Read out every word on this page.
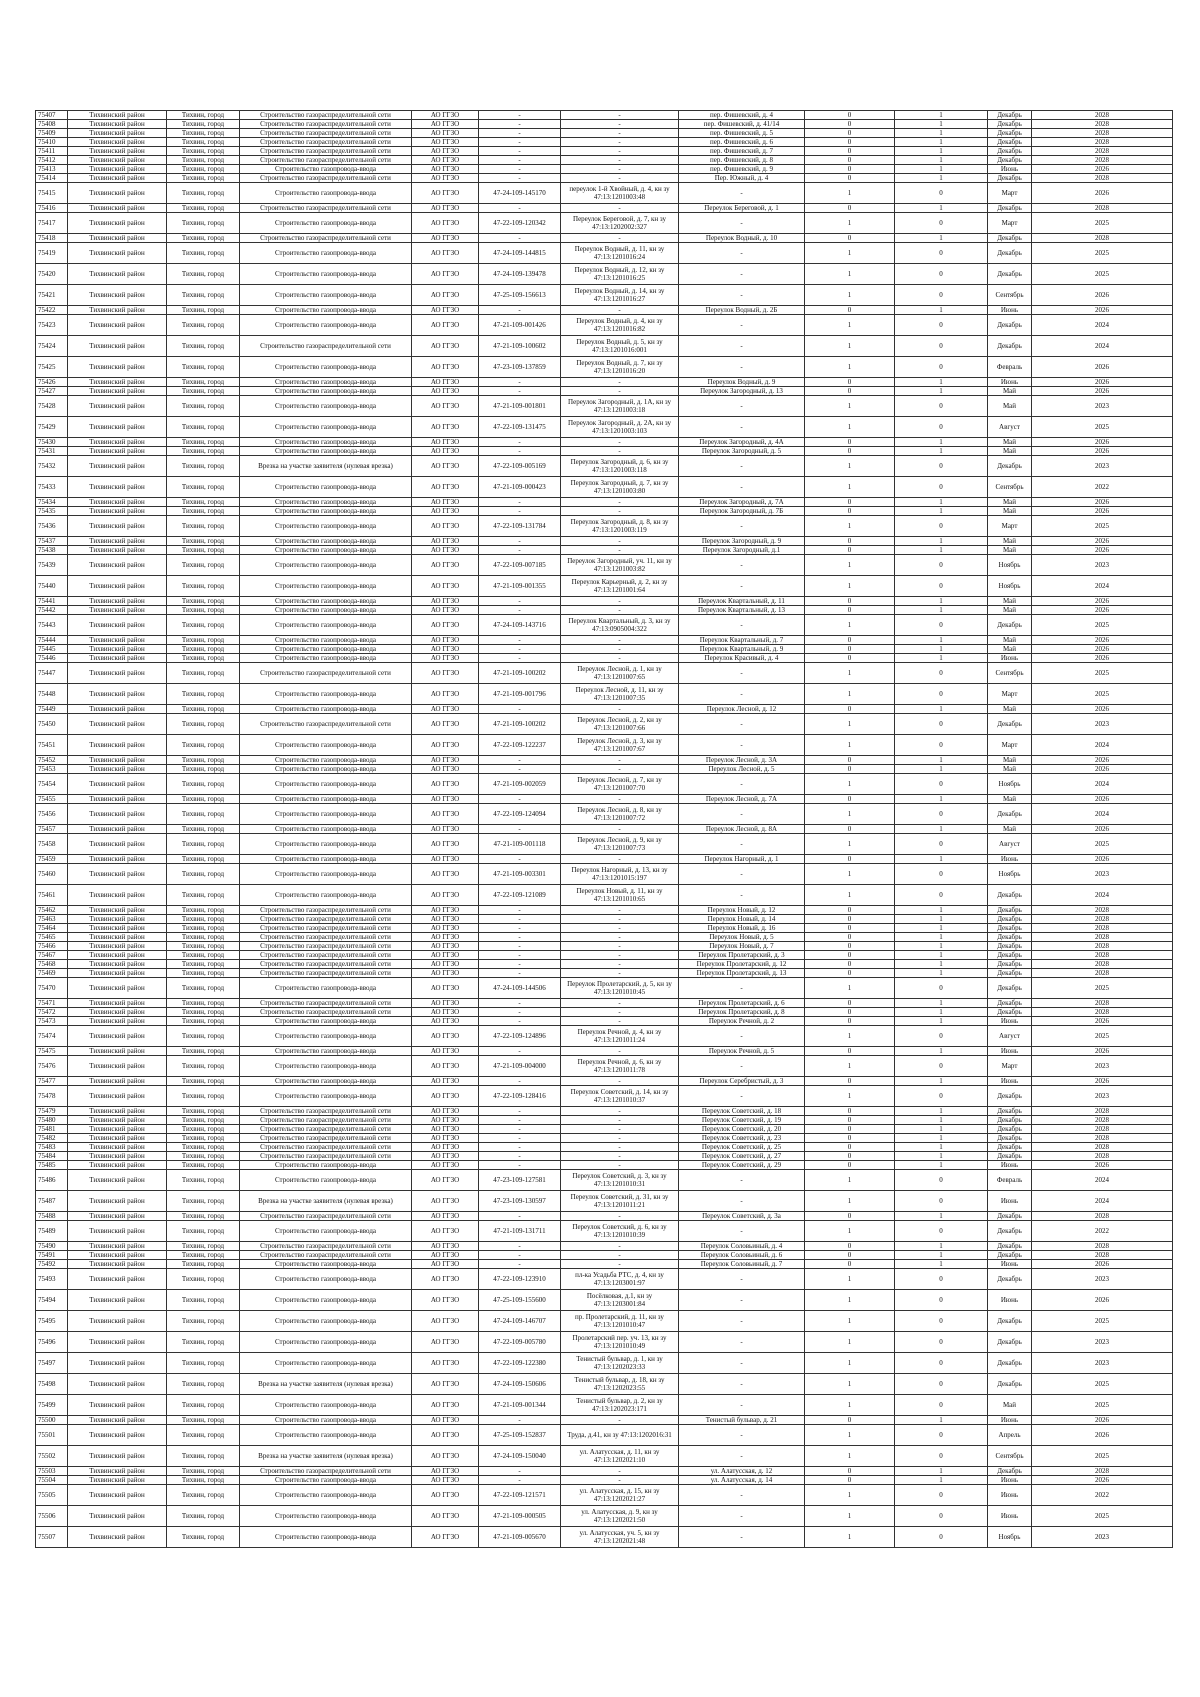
75407	Тихвинский район	Тихвин, город	Строительство газораспределительной сети	АО ГГЗО	-	-	пер. Фишевский, д. 4	0	1	Декабрь	2028
75408	Тихвинский район	Тихвин, город	Строительство газораспределительной сети	АО ГГЗО	-	-	пер. Фишевский, д. 41/14	0	1	Декабрь	2028
75409	Тихвинский район	Тихвин, город	Строительство газораспределительной сети	АО ГГЗО	-	-	пер. Фишевский, д. 5	0	1	Декабрь	2028
75410	Тихвинский район	Тихвин, город	Строительство газораспределительной сети	АО ГГЗО	-	-	пер. Фишевский, д. 6	0	1	Декабрь	2028
75411	Тихвинский район	Тихвин, город	Строительство газораспределительной сети	АО ГГЗО	-	-	пер. Фишевский, д. 7	0	1	Декабрь	2028
75412	Тихвинский район	Тихвин, город	Строительство газораспределительной сети	АО ГГЗО	-	-	пер. Фишевский, д. 8	0	1	Декабрь	2028
75413	Тихвинский район	Тихвин, город	Строительство газопровода-ввода	АО ГГЗО	-	-	пер. Фишевский, д. 9	0	1	Июнь	2026
75414	Тихвинский район	Тихвин, город	Строительство газораспределительной сети	АО ГГЗО	-	-	Пер. Южный, д. 4	0	1	Декабрь	2028
75415	Тихвинский район	Тихвин, город	Строительство газопровода-ввода	АО ГГЗО	47-24-109-145170	переулок 1-й Хвойный, д. 4, кн зу 47:13:1201003:48	-	1	0	Март	2026
75416	Тихвинский район	Тихвин, город	Строительство газораспределительной сети	АО ГГЗО	-	-	Переулок Береговой, д. 1	0	1	Декабрь	2028
75417	Тихвинский район	Тихвин, город	Строительство газопровода-ввода	АО ГГЗО	47-22-109-120342	Переулок Береговой, д. 7, кн зу 47:13:1202002:327	-	1	0	Март	2025
75418	Тихвинский район	Тихвин, город	Строительство газораспределительной сети	АО ГГЗО	-	-	Переулок Водный, д. 10	0	1	Декабрь	2028
75419	Тихвинский район	Тихвин, город	Строительство газопровода-ввода	АО ГГЗО	47-24-109-144815	Переулок Водный, д. 11, кн зу 47:13:1201016:24	-	1	0	Декабрь	2025
75420	Тихвинский район	Тихвин, город	Строительство газопровода-ввода	АО ГГЗО	47-24-109-139478	Переулок Водный, д. 12, кн зу 47:13:1201016:25	-	1	0	Декабрь	2025
75421	Тихвинский район	Тихвин, город	Строительство газопровода-ввода	АО ГГЗО	47-25-109-156613	Переулок Водный, д. 14, кн зу 47:13:1201016:27	-	1	0	Сентябрь	2026
75422	Тихвинский район	Тихвин, город	Строительство газопровода-ввода	АО ГГЗО	-	-	Переулок Водный, д. 2Б	0	1	Июнь	2026
75423	Тихвинский район	Тихвин, город	Строительство газопровода-ввода	АО ГГЗО	47-21-109-001426	Переулок Водный, д. 4, кн зу 47:13:1201016:82	-	1	0	Декабрь	2024
75424	Тихвинский район	Тихвин, город	Строительство газораспределительной сети	АО ГГЗО	47-21-109-100602	Переулок Водный, д. 5, кн зу 47:13:1201016:001	-	1	0	Декабрь	2024
75425	Тихвинский район	Тихвин, город	Строительство газопровода-ввода	АО ГГЗО	47-23-109-137859	Переулок Водный, д. 7, кн зу 47:13:1201016:20	-	1	0	Февраль	2026
75426	Тихвинский район	Тихвин, город	Строительство газопровода-ввода	АО ГГЗО	-	-	Переулок Водный, д. 9	0	1	Июнь	2026
75427	Тихвинский район	Тихвин, город	Строительство газопровода-ввода	АО ГГЗО	-	-	Переулок Загородный, д. 13	0	1	Май	2026
75428	Тихвинский район	Тихвин, город	Строительство газопровода-ввода	АО ГГЗО	47-21-109-001801	Переулок Загородный, д. 1А, кн зу 47:13:1201003:18	-	1	0	Май	2023
75429	Тихвинский район	Тихвин, город	Строительство газопровода-ввода	АО ГГЗО	47-22-109-131475	Переулок Загородный, д. 2А, кн зу 47:13:1201003:103	-	1	0	Август	2025
75430	Тихвинский район	Тихвин, город	Строительство газопровода-ввода	АО ГГЗО	-	-	Переулок Загородный, д. 4А	0	1	Май	2026
75431	Тихвинский район	Тихвин, город	Строительство газопровода-ввода	АО ГГЗО	-	-	Переулок Загородный, д. 5	0	1	Май	2026
75432	Тихвинский район	Тихвин, город	Врезка на участке заявителя (нулевая врезка)	АО ГГЗО	47-22-109-005169	Переулок Загородный, д. 6, кн зу 47:13:1201003:118	-	1	0	Декабрь	2023
75433	Тихвинский район	Тихвин, город	Строительство газопровода-ввода	АО ГГЗО	47-21-109-000423	Переулок Загородный, д. 7, кн зу 47:13:1201003:80	-	1	0	Сентябрь	2022
75434	Тихвинский район	Тихвин, город	Строительство газопровода-ввода	АО ГГЗО	-	-	Переулок Загородный, д. 7А	0	1	Май	2026
75435	Тихвинский район	Тихвин, город	Строительство газопровода-ввода	АО ГГЗО	-	-	Переулок Загородный, д. 7Б	0	1	Май	2026
75436	Тихвинский район	Тихвин, город	Строительство газопровода-ввода	АО ГГЗО	47-22-109-131784	Переулок Загородный, д. 8, кн зу 47:13:1201003:119	-	1	0	Март	2025
75437	Тихвинский район	Тихвин, город	Строительство газопровода-ввода	АО ГГЗО	-	-	Переулок Загородный, д. 9	0	1	Май	2026
75438	Тихвинский район	Тихвин, город	Строительство газопровода-ввода	АО ГГЗО	-	-	Переулок Загородный, д.1	0	1	Май	2026
75439	Тихвинский район	Тихвин, город	Строительство газопровода-ввода	АО ГГЗО	47-22-109-007185	Переулок Загородный, уч. 11, кн зу 47:13:1201003:82	-	1	0	Ноябрь	2023
75440	Тихвинский район	Тихвин, город	Строительство газопровода-ввода	АО ГГЗО	47-21-109-001355	Переулок Карьерный, д. 2, кн зу 47:13:1201001:64	-	1	0	Ноябрь	2024
75441	Тихвинский район	Тихвин, город	Строительство газопровода-ввода	АО ГГЗО	-	-	Переулок Квартальный, д. 11	0	1	Май	2026
75442	Тихвинский район	Тихвин, город	Строительство газопровода-ввода	АО ГГЗО	-	-	Переулок Квартальный, д. 13	0	1	Май	2026
75443	Тихвинский район	Тихвин, город	Строительство газопровода-ввода	АО ГГЗО	47-24-109-143716	Переулок Квартальный, д. 3, кн зу 47:13:0905004:322	-	1	0	Декабрь	2025
75444	Тихвинский район	Тихвин, город	Строительство газопровода-ввода	АО ГГЗО	-	-	Переулок Квартальный, д. 7	0	1	Май	2026
75445	Тихвинский район	Тихвин, город	Строительство газопровода-ввода	АО ГГЗО	-	-	Переулок Квартальный, д. 9	0	1	Май	2026
75446	Тихвинский район	Тихвин, город	Строительство газопровода-ввода	АО ГГЗО	-	-	Переулок Красивый, д. 4	0	1	Июнь	2026
75447	Тихвинский район	Тихвин, город	Строительство газораспределительной сети	АО ГГЗО	47-21-109-100202	Переулок Лесной, д. 1, кн зу 47:13:1201007:65	-	1	0	Сентябрь	2025
75448	Тихвинский район	Тихвин, город	Строительство газопровода-ввода	АО ГГЗО	47-21-109-001796	Переулок Лесной, д. 11, кн зу 47:13:1201007:35	-	1	0	Март	2025
75449	Тихвинский район	Тихвин, город	Строительство газопровода-ввода	АО ГГЗО	-	-	Переулок Лесной, д. 12	0	1	Май	2026
75450	Тихвинский район	Тихвин, город	Строительство газораспределительной сети	АО ГГЗО	47-21-109-100202	Переулок Лесной, д. 2, кн зу 47:13:1201007:66	-	1	0	Декабрь	2023
75451	Тихвинский район	Тихвин, город	Строительство газопровода-ввода	АО ГГЗО	47-22-109-122237	Переулок Лесной, д. 3, кн зу 47:13:1201007:67	-	1	0	Март	2024
75452	Тихвинский район	Тихвин, город	Строительство газопровода-ввода	АО ГГЗО	-	-	Переулок Лесной, д. 3А	0	1	Май	2026
75453	Тихвинский район	Тихвин, город	Строительство газопровода-ввода	АО ГГЗО	-	-	Переулок Лесной, д. 5	0	1	Май	2026
75454	Тихвинский район	Тихвин, город	Строительство газопровода-ввода	АО ГГЗО	47-21-109-002059	Переулок Лесной, д. 7, кн зу 47:13:1201007:70	-	1	0	Ноябрь	2024
75455	Тихвинский район	Тихвин, город	Строительство газопровода-ввода	АО ГГЗО	-	-	Переулок Лесной, д. 7А	0	1	Май	2026
75456	Тихвинский район	Тихвин, город	Строительство газопровода-ввода	АО ГГЗО	47-22-109-124094	Переулок Лесной, д. 8, кн зу 47:13:1201007:72	-	1	0	Декабрь	2024
75457	Тихвинский район	Тихвин, город	Строительство газопровода-ввода	АО ГГЗО	-	-	Переулок Лесной, д. 8А	0	1	Май	2026
75458	Тихвинский район	Тихвин, город	Строительство газопровода-ввода	АО ГГЗО	47-21-109-001118	Переулок Лесной, д. 9, кн зу 47:13:1201007:73	-	1	0	Август	2025
75459	Тихвинский район	Тихвин, город	Строительство газопровода-ввода	АО ГГЗО	-	-	Переулок Нагорный, д. 1	0	1	Июнь	2026
75460	Тихвинский район	Тихвин, город	Строительство газопровода-ввода	АО ГГЗО	47-21-109-003301	Переулок Нагорный, д. 13, кн зу 47:13:1201015:197	-	1	0	Ноябрь	2023
75461	Тихвинский район	Тихвин, город	Строительство газопровода-ввода	АО ГГЗО	47-22-109-121089	Переулок Новый, д. 11, кн зу 47:13:1201010:65	-	1	0	Декабрь	2024
75462	Тихвинский район	Тихвин, город	Строительство газораспределительной сети	АО ГГЗО	-	-	Переулок Новый, д. 12	0	1	Декабрь	2028
75463	Тихвинский район	Тихвин, город	Строительство газораспределительной сети	АО ГГЗО	-	-	Переулок Новый, д. 14	0	1	Декабрь	2028
75464	Тихвинский район	Тихвин, город	Строительство газораспределительной сети	АО ГГЗО	-	-	Переулок Новый, д. 16	0	1	Декабрь	2028
75465	Тихвинский район	Тихвин, город	Строительство газораспределительной сети	АО ГГЗО	-	-	Переулок Новый, д. 5	0	1	Декабрь	2028
75466	Тихвинский район	Тихвин, город	Строительство газораспределительной сети	АО ГГЗО	-	-	Переулок Новый, д. 7	0	1	Декабрь	2028
75467	Тихвинский район	Тихвин, город	Строительство газораспределительной сети	АО ГГЗО	-	-	Переулок Пролетарский, д. 3	0	1	Декабрь	2028
75468	Тихвинский район	Тихвин, город	Строительство газораспределительной сети	АО ГГЗО	-	-	Переулок Пролетарский, д. 12	0	1	Декабрь	2028
75469	Тихвинский район	Тихвин, город	Строительство газораспределительной сети	АО ГГЗО	-	-	Переулок Пролетарский, д. 13	0	1	Декабрь	2028
75470	Тихвинский район	Тихвин, город	Строительство газопровода-ввода	АО ГГЗО	47-24-109-144506	Переулок Пролетарский, д. 5, кн зу 47:13:1201010:45	-	1	0	Декабрь	2025
75471	Тихвинский район	Тихвин, город	Строительство газораспределительной сети	АО ГГЗО	-	-	Переулок Пролетарский, д. 6	0	1	Декабрь	2028
75472	Тихвинский район	Тихвин, город	Строительство газораспределительной сети	АО ГГЗО	-	-	Переулок Пролетарский, д. 8	0	1	Декабрь	2028
75473	Тихвинский район	Тихвин, город	Строительство газопровода-ввода	АО ГГЗО	-	-	Переулок Речной, д. 2	0	1	Июнь	2026
75474	Тихвинский район	Тихвин, город	Строительство газопровода-ввода	АО ГГЗО	47-22-109-124896	Переулок Речной, д. 4, кн зу 47:13:1201011:24	-	1	0	Август	2025
75475	Тихвинский район	Тихвин, город	Строительство газопровода-ввода	АО ГГЗО	-	-	Переулок Речной, д. 5	0	1	Июнь	2026
75476	Тихвинский район	Тихвин, город	Строительство газопровода-ввода	АО ГГЗО	47-21-109-004000	Переулок Речной, д. 6, кн зу 47:13:1201011:78	-	1	0	Март	2023
75477	Тихвинский район	Тихвин, город	Строительство газопровода-ввода	АО ГГЗО	-	-	Переулок Серебристый, д. 3	0	1	Июнь	2026
75478	Тихвинский район	Тихвин, город	Строительство газопровода-ввода	АО ГГЗО	47-22-109-128416	Переулок Советский, д. 14, кн зу 47:13:1201010:37	-	1	0	Декабрь	2023
75479	Тихвинский район	Тихвин, город	Строительство газораспределительной сети	АО ГГЗО	-	-	Переулок Советский, д. 18	0	1	Декабрь	2028
75480	Тихвинский район	Тихвин, город	Строительство газораспределительной сети	АО ГГЗО	-	-	Переулок Советский, д. 19	0	1	Декабрь	2028
75481	Тихвинский район	Тихвин, город	Строительство газораспределительной сети	АО ГГЗО	-	-	Переулок Советский, д. 20	0	1	Декабрь	2028
75482	Тихвинский район	Тихвин, город	Строительство газораспределительной сети	АО ГГЗО	-	-	Переулок Советский, д. 23	0	1	Декабрь	2028
75483	Тихвинский район	Тихвин, город	Строительство газораспределительной сети	АО ГГЗО	-	-	Переулок Советский, д. 25	0	1	Декабрь	2028
75484	Тихвинский район	Тихвин, город	Строительство газораспределительной сети	АО ГГЗО	-	-	Переулок Советский, д. 27	0	1	Декабрь	2028
75485	Тихвинский район	Тихвин, город	Строительство газопровода-ввода	АО ГГЗО	-	-	Переулок Советский, д. 29	0	1	Июнь	2026
75486	Тихвинский район	Тихвин, город	Строительство газопровода-ввода	АО ГГЗО	47-23-109-127581	Переулок Советский, д. 3, кн зу 47:13:1201010:31	-	1	0	Февраль	2024
75487	Тихвинский район	Тихвин, город	Врезка на участке заявителя (нулевая врезка)	АО ГГЗО	47-23-109-130597	Переулок Советский, д. 31, кн зу 47:13:1201011:21	-	1	0	Июнь	2024
75488	Тихвинский район	Тихвин, город	Строительство газораспределительной сети	АО ГГЗО	-	-	Переулок Советский, д. 3а	0	1	Декабрь	2028
75489	Тихвинский район	Тихвин, город	Строительство газопровода-ввода	АО ГГЗО	47-21-109-131711	Переулок Советский, д. 6, кн зу 47:13:1201010:39	-	1	0	Декабрь	2022
75490	Тихвинский район	Тихвин, город	Строительство газораспределительной сети	АО ГГЗО	-	-	Переулок Соловьиный, д. 4	0	1	Декабрь	2028
75491	Тихвинский район	Тихвин, город	Строительство газораспределительной сети	АО ГГЗО	-	-	Переулок Соловьиный, д. 6	0	1	Декабрь	2028
75492	Тихвинский район	Тихвин, город	Строительство газопровода-ввода	АО ГГЗО	-	-	Переулок Соловьиный, д. 7	0	1	Июнь	2026
75493	Тихвинский район	Тихвин, город	Строительство газопровода-ввода	АО ГГЗО	47-22-109-123910	пл-ка Усадьба РТС, д. 4, кн зу 47:13:1203001:97	-	1	0	Декабрь	2023
75494	Тихвинский район	Тихвин, город	Строительство газопровода-ввода	АО ГГЗО	47-25-109-155600	Посёлковая, д.1, кн зу 47:13:1203001:84	-	1	0	Июнь	2026
75495	Тихвинский район	Тихвин, город	Строительство газопровода-ввода	АО ГГЗО	47-24-109-146707	пр. Пролетарский, д. 11, кн зу 47:13:1201010:47	-	1	0	Декабрь	2025
75496	Тихвинский район	Тихвин, город	Строительство газопровода-ввода	АО ГГЗО	47-22-109-005780	Пролетарский пер. уч. 13, кн зу 47:13:1201010:49	-	1	0	Декабрь	2023
75497	Тихвинский район	Тихвин, город	Строительство газопровода-ввода	АО ГГЗО	47-22-109-122380	Тенистый бульвар, д. 1, кн зу 47:13:1202023:33	-	1	0	Декабрь	2023
75498	Тихвинский район	Тихвин, город	Врезка на участке заявителя (нулевая врезка)	АО ГГЗО	47-24-109-150606	Тенистый бульвар, д. 18, кн зу 47:13:1202023:55	-	1	0	Декабрь	2025
75499	Тихвинский район	Тихвин, город	Строительство газопровода-ввода	АО ГГЗО	47-21-109-001344	Тенистый бульвар, д. 2, кн зу 47:13:1202023:171	-	1	0	Май	2025
75500	Тихвинский район	Тихвин, город	Строительство газопровода-ввода	АО ГГЗО	-	-	Тенистый бульвар, д. 21	0	1	Июнь	2026
75501	Тихвинский район	Тихвин, город	Строительство газопровода-ввода	АО ГГЗО	47-25-109-152837	Труда, д.41, кн зу 47:13:1202016:31	-	1	0	Апрель	2026
75502	Тихвинский район	Тихвин, город	Врезка на участке заявителя (нулевая врезка)	АО ГГЗО	47-24-109-150040	ул. Алатусская, д. 11, кн зу 47:13:1202021:10	-	1	0	Сентябрь	2025
75503	Тихвинский район	Тихвин, город	Строительство газораспределительной сети	АО ГГЗО	-	-	ул. Алатусская, д. 12	0	1	Декабрь	2028
75504	Тихвинский район	Тихвин, город	Строительство газопровода-ввода	АО ГГЗО	-	-	ул. Алатусская, д. 14	0	1	Июнь	2026
75505	Тихвинский район	Тихвин, город	Строительство газопровода-ввода	АО ГГЗО	47-22-109-121571	ул. Алатусская, д. 15, кн зу 47:13:1202021:27	-	1	0	Июнь	2022
75506	Тихвинский район	Тихвин, город	Строительство газопровода-ввода	АО ГГЗО	47-21-109-000505	ул. Алатусская, д. 9, кн зу 47:13:1202021:50	-	1	0	Июнь	2025
75507	Тихвинский район	Тихвин, город	Строительство газопровода-ввода	АО ГГЗО	47-21-109-005670	ул. Алатусская, уч. 5, кн зу 47:13:1202021:48	-	1	0	Ноябрь	2023
